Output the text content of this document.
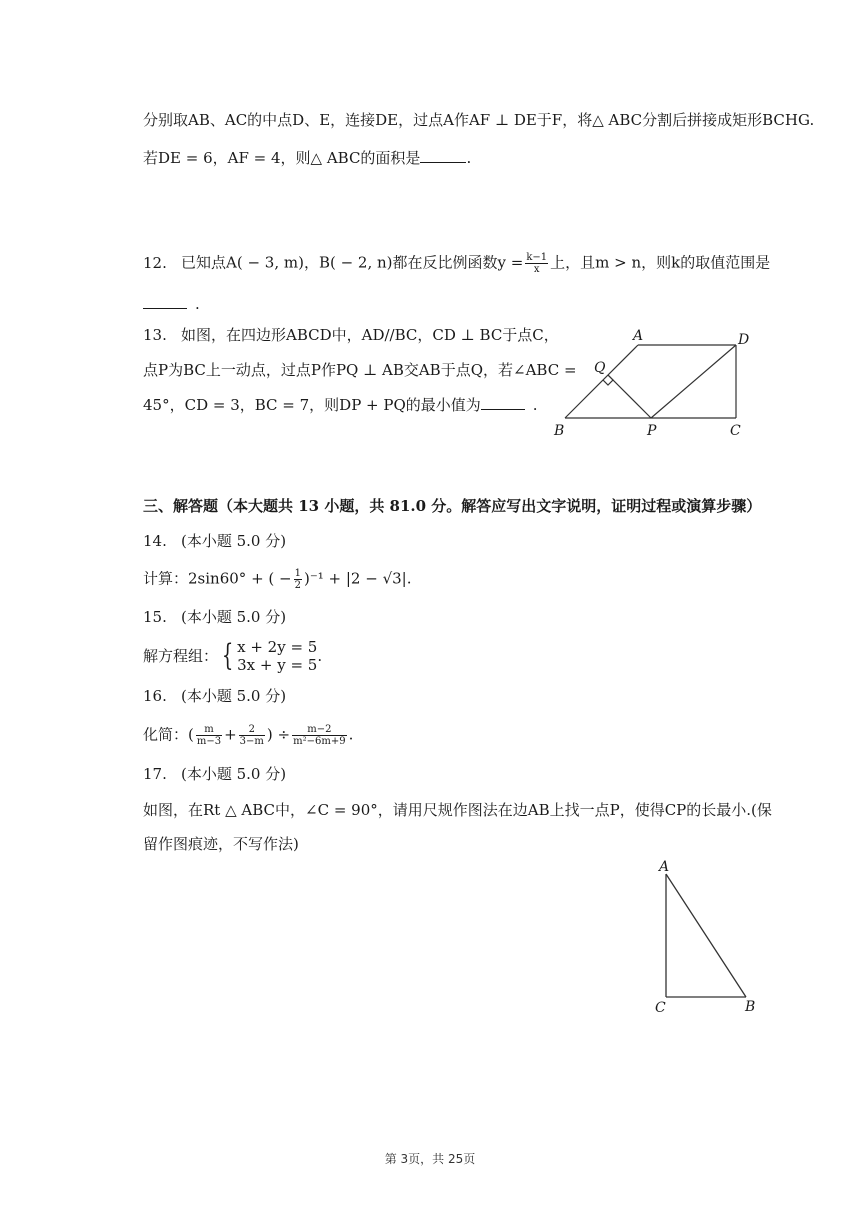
分别取AB、AC的中点D、E，连接DE，过点A作AF ⊥ DE于F，将△ ABC分割后拼接成矩形BCHG.
若DE = 6，AF = 4，则△ ABC的面积是	.
12. 已知点A( − 3, m)，B( − 2, n)都在反比例函数$y = \frac{k-1}{x}$ 上，且m > n，则k的取值范围是
.
13. 如图，在四边形ABCD中，AD//BC，CD ⊥ BC于点C，
点P为BC上一动点，过点P作PQ ⊥ AB交AB于点Q，若∠ABC =
45°，CD = 3，BC = 7，则DP + PQ的最小值为	.
A	D
Q
B	P	C
三、解答题（本大题共 13 小题，共 81.0 分。解答应写出文字说明，证明过程或演算步骤）
14. (本小题 5.0 分)
计算：2sin60° + ( − $\frac{1}{2} )^{-1} + |2 - √3|$.
15. (本小题 5.0 分)
解方程组： { x + 2y = 5
3x + y = 5 .
16. (本小题 5.0 分)
化简：( $\frac{m}{m-3} + \frac{2}{3-m}$ ) ÷ $\frac{m-2}{\text{m²−6m+9}}$ .
17. (本小题 5.0 分)
如图，在Rt △ ABC中，∠C = 90°，请用尺规作图法在边AB上找一点P，使得CP的长最小.(保
留作图痕迹，不写作法)
A
C	B
第 3页，共 25页
